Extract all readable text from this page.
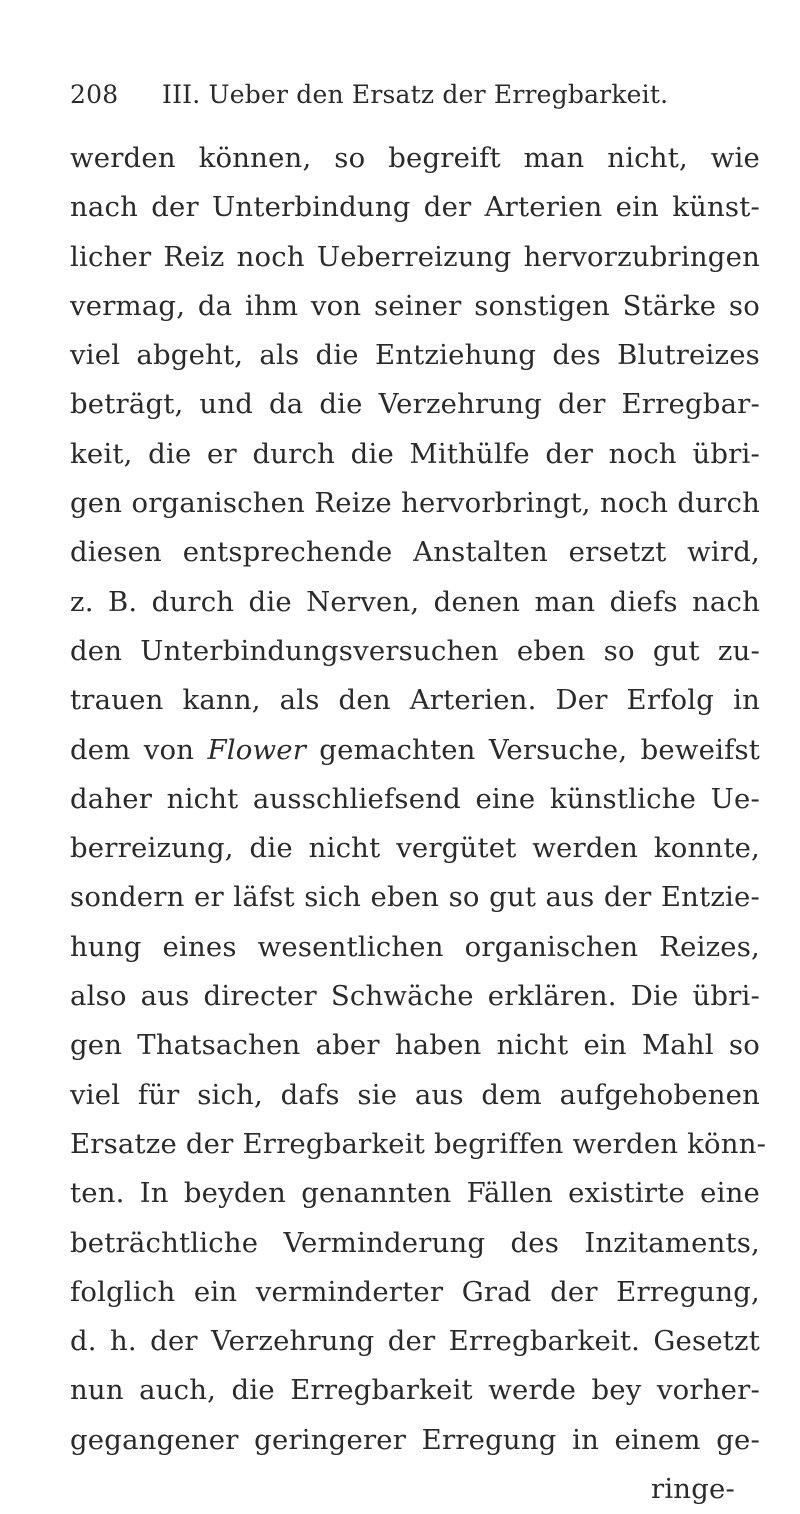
208 III. Ueber den Ersatz der Erregbarkeit.
werden können, so begreift man nicht, wie
nach der Unterbindung der Arterien ein künst-
licher Reiz noch Ueberreizung hervorzubringen
vermag, da ihm von seiner sonstigen Stärke so
viel abgeht, als die Entziehung des Blutreizes
beträgt, und da die Verzehrung der Erregbar-
keit, die er durch die Mithülfe der noch übri-
gen organischen Reize hervorbringt, noch durch
diesen entsprechende Anstalten ersetzt wird,
z. B. durch die Nerven, denen man diefs nach
den Unterbindungsversuchen eben so gut zu-
trauen kann, als den Arterien. Der Erfolg in
dem von Flower gemachten Versuche, beweifst
daher nicht ausschliefsend eine künstliche Ue-
berreizung, die nicht vergütet werden konnte,
sondern er läfst sich eben so gut aus der Entzie-
hung eines wesentlichen organischen Reizes,
also aus directer Schwäche erklären. Die übri-
gen Thatsachen aber haben nicht ein Mahl so
viel für sich, dafs sie aus dem aufgehobenen
Ersatze der Erregbarkeit begriffen werden könn-
ten. In beyden genannten Fällen existirte eine
beträchtliche Verminderung des Inzitaments,
folglich ein verminderter Grad der Erregung,
d. h. der Verzehrung der Erregbarkeit. Gesetzt
nun auch, die Erregbarkeit werde bey vorher-
gegangener geringerer Erregung in einem ge-
ringe-
